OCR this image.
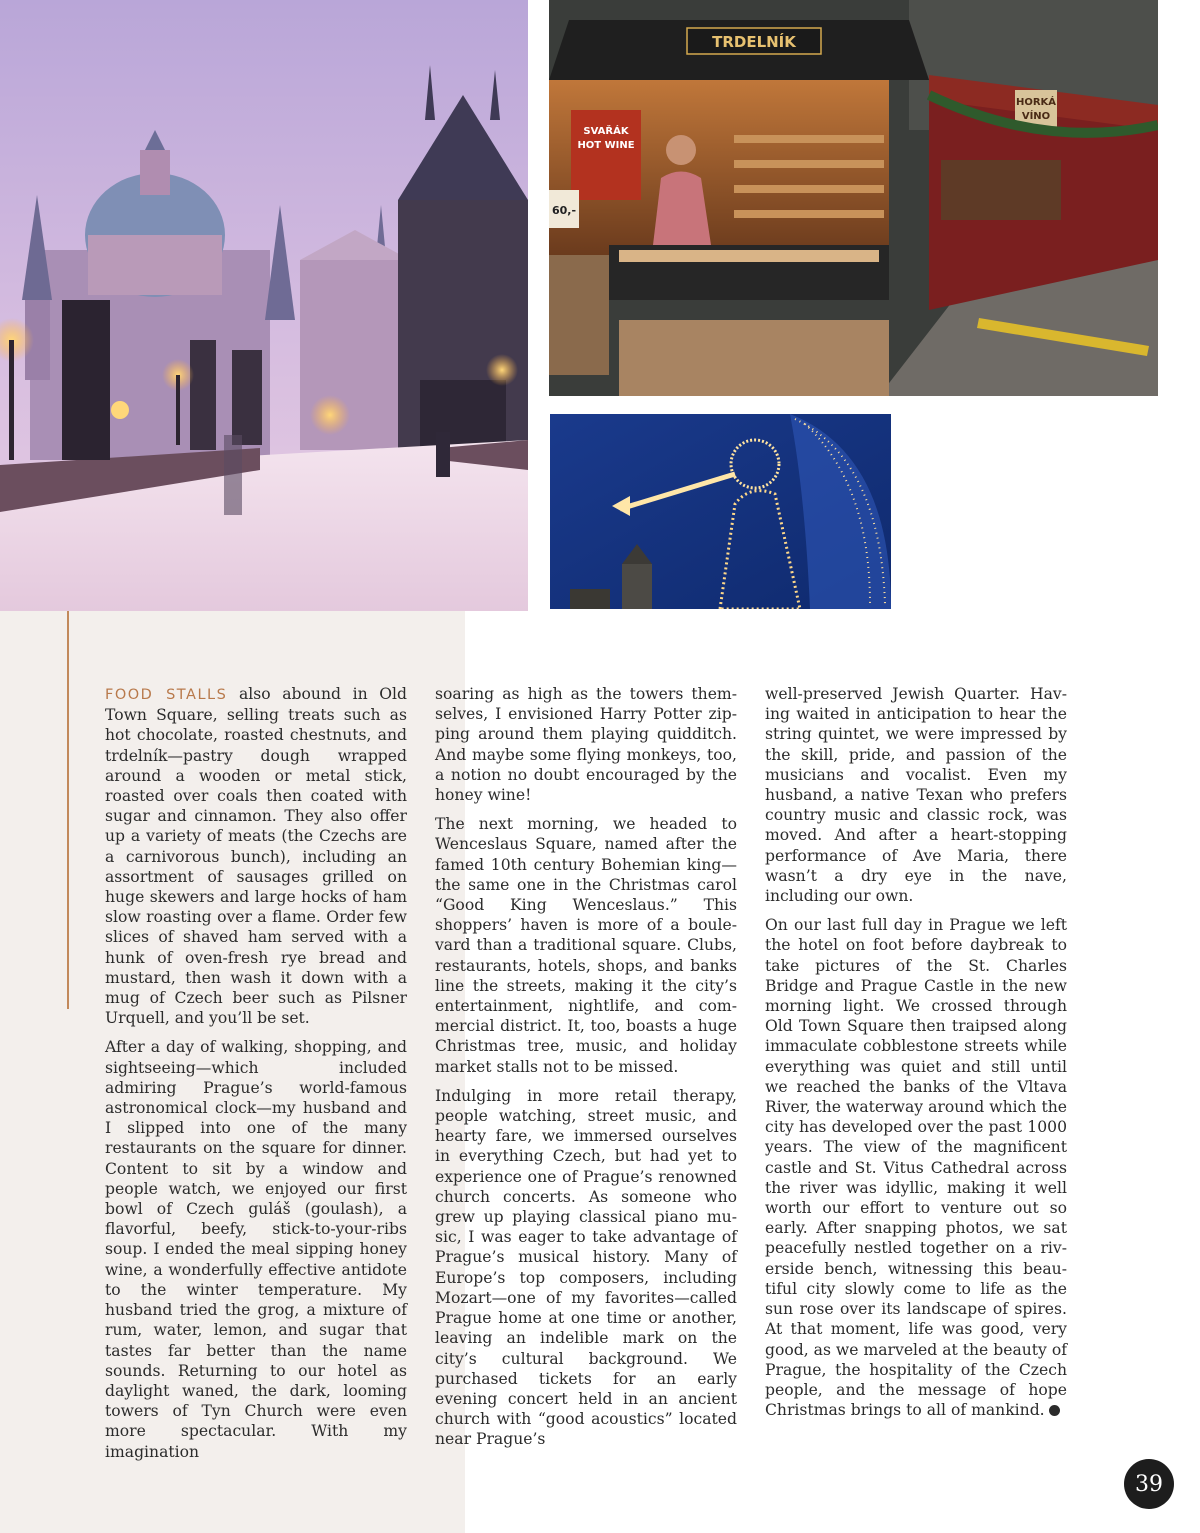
TRDELNÍK
SVAŘÁK
HOT WINE
60,-
HORKÁ
VÍNO

FOOD STALLS also abound in Old Town Square, selling treats such as hot chocolate, roasted chestnuts, and trdelník—pastry dough wrapped around a wooden or metal stick, roasted over coals then coated with sugar and cinnamon. They also offer up a variety of meats (the Czechs are a carnivorous bunch), including an assortment of sausages grilled on huge skewers and large hocks of ham slow roasting over a flame. Order few slices of shaved ham served with a hunk of oven-fresh rye bread and mustard, then wash it down with a mug of Czech beer such as Pilsner Urquell, and you’ll be set.

After a day of walking, shopping, and sightseeing—which included admiring Prague’s world-famous astronomical clock—my husband and I slipped into one of the many restaurants on the square for dinner. Content to sit by a window and people watch, we enjoyed our first bowl of Czech guláš (goulash), a flavorful, beefy, stick-to-your-ribs soup. I ended the meal sipping honey wine, a wonderfully effective antidote to the winter temperature. My husband tried the grog, a mixture of rum, water, lemon, and sugar that tastes far better than the name sounds. Returning to our hotel as daylight waned, the dark, looming towers of Tyn Church were even more spectacular. With my imagination

soaring as high as the towers themselves, I envisioned Harry Potter zipping around them playing quidditch. And maybe some flying monkeys, too, a notion no doubt encouraged by the honey wine!

The next morning, we headed to Wenceslaus Square, named after the famed 10th century Bohemian king—the same one in the Christmas carol “Good King Wenceslaus.” This shoppers’ haven is more of a boulevard than a traditional square. Clubs, restaurants, hotels, shops, and banks line the streets, making it the city’s entertainment, nightlife, and commercial district. It, too, boasts a huge Christmas tree, music, and holiday market stalls not to be missed.

Indulging in more retail therapy, people watching, street music, and hearty fare, we immersed ourselves in everything Czech, but had yet to experience one of Prague’s renowned church concerts. As someone who grew up playing classical piano music, I was eager to take advantage of Prague’s musical history. Many of Europe’s top composers, including Mozart—one of my favorites—called Prague home at one time or another, leaving an indelible mark on the city’s cultural background. We purchased tickets for an early evening concert held in an ancient church with “good acoustics” located near Prague’s

well-preserved Jewish Quarter. Having waited in anticipation to hear the string quintet, we were impressed by the skill, pride, and passion of the musicians and vocalist. Even my husband, a native Texan who prefers country music and classic rock, was moved. And after a heart-stopping performance of Ave Maria, there wasn’t a dry eye in the nave, including our own.

On our last full day in Prague we left the hotel on foot before daybreak to take pictures of the St. Charles Bridge and Prague Castle in the new morning light. We crossed through Old Town Square then traipsed along immaculate cobblestone streets while everything was quiet and still until we reached the banks of the Vltava River, the waterway around which the city has developed over the past 1000 years. The view of the magnificent castle and St. Vitus Cathedral across the river was idyllic, making it well worth our effort to venture out so early. After snapping photos, we sat peacefully nestled together on a riverside bench, witnessing this beautiful city slowly come to life as the sun rose over its landscape of spires. At that moment, life was good, very good, as we marveled at the beauty of Prague, the hospitality of the Czech people, and the message of hope Christmas brings to all of mankind.

39
